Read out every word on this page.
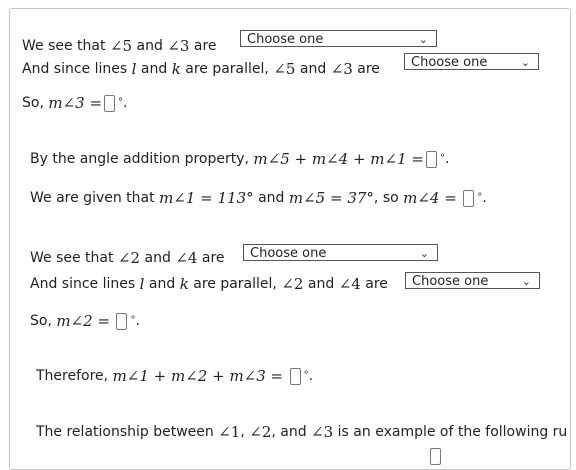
We see that
∠5
and
∠3
are	Choose one	⌄
And since lines
l
and
k
are parallel,
∠5
and
∠3
are	Choose one	⌄
So,
m∠3 = ° .
By the angle addition property,
m∠5 + m∠4 + m∠1 = ° .
We are given that
m∠1 = 113°
and
m∠5 = 37° , so
m∠4 =
° .
We see that
∠2
and
∠4
are	Choose one	⌄
And since lines
l
and
k
are parallel,
∠2
and
∠4
are	Choose one	⌄
So,
m∠2 =
° .
Therefore,
m∠1 + m∠2 + m∠3 =
° .
The relationship between
∠1 ,
∠2 , and
∠3
is an example of the following ru
